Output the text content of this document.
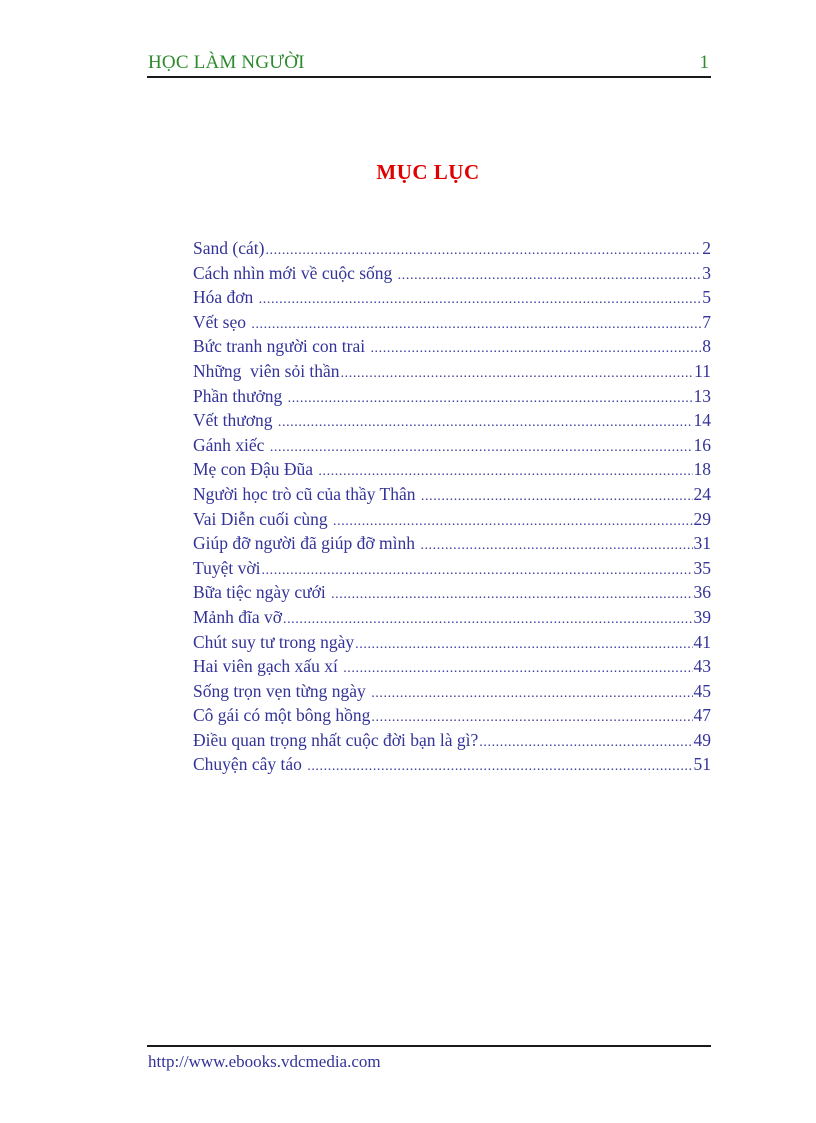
HỌC LÀM NGƯỜI	1
MỤC LỤC
Sand (cát) .....	2
Cách nhìn mới về cuộc sống .....	3
Hóa đơn .....	5
Vết sẹo .....	7
Bức tranh người con trai .....	8
Những  viên sỏi thần .....	11
Phần thưởng .....	13
Vết thương .....	14
Gánh xiếc .....	16
Mẹ con Đậu Đũa .....	18
Người học trò cũ của thầy Thân .....	24
Vai Diễn cuối cùng .....	29
Giúp đỡ người đã giúp đỡ mình .....	31
Tuyệt vời .....	35
Bữa tiệc ngày cưới .....	36
Mảnh đĩa vỡ .....	39
Chút suy tư trong ngày .....	41
Hai viên gạch xấu xí .....	43
Sống trọn vẹn từng ngày .....	45
Cô gái có một bông hồng .....	47
Điều quan trọng nhất cuộc đời bạn là gì? .....	49
Chuyện cây táo .....	51
http://www.ebooks.vdcmedia.com
